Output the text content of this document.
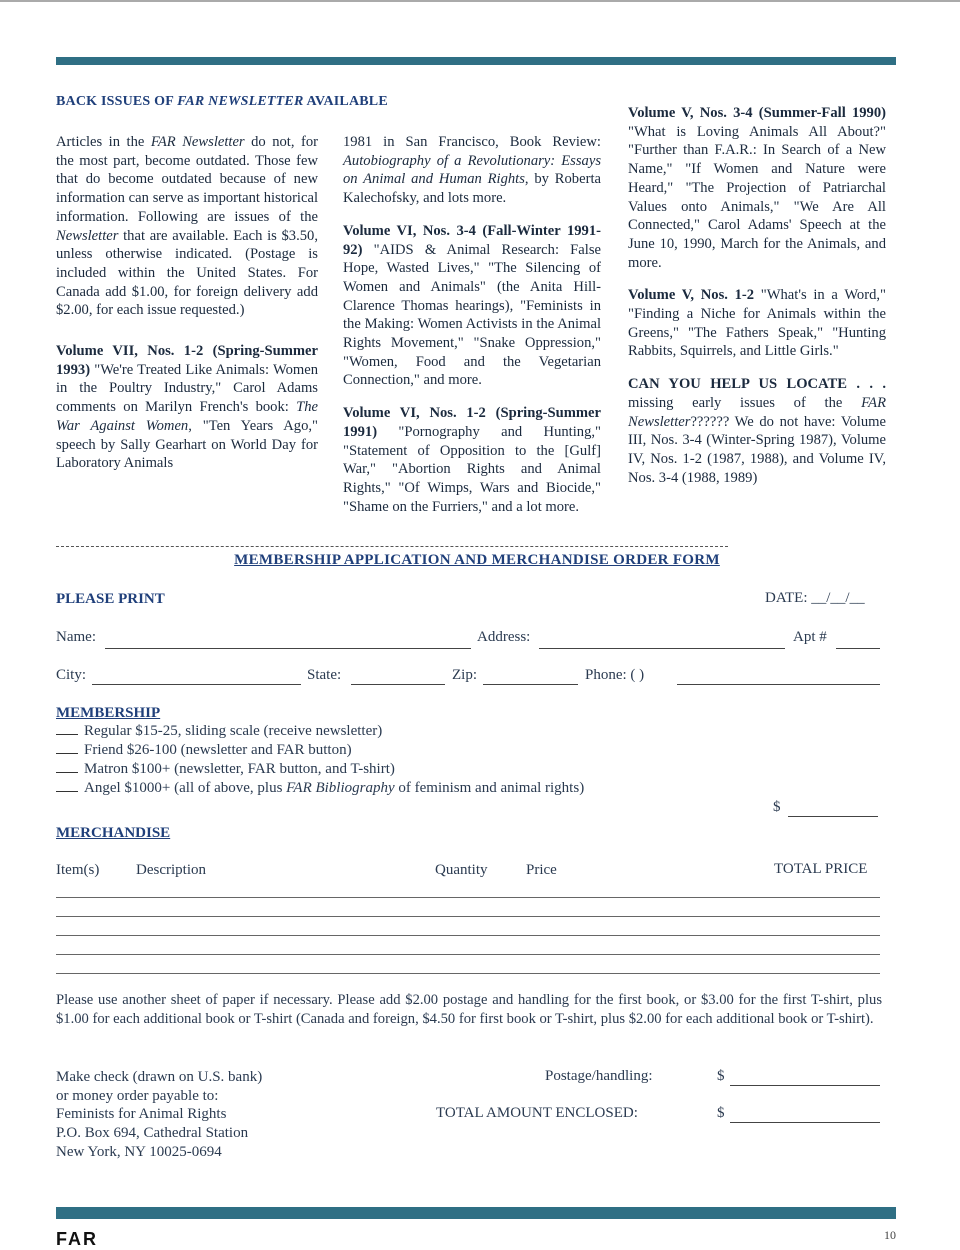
BACK ISSUES OF FAR NEWSLETTER AVAILABLE

Articles in the FAR Newsletter do not, for the most part, become outdated. Those few that do become outdated because of new information can serve as important historical information. Following are issues of the Newsletter that are available. Each is $3.50, unless otherwise indicated. (Postage is included within the United States. For Canada add $1.00, for foreign delivery add $2.00, for each issue requested.)

Volume VII, Nos. 1-2 (Spring-Summer 1993) "We're Treated Like Animals: Women in the Poultry Industry," Carol Adams comments on Marilyn French's book: The War Against Women, "Ten Years Ago," speech by Sally Gearhart on World Day for Laboratory Animals

1981 in San Francisco, Book Review: Autobiography of a Revolutionary: Essays on Animal and Human Rights, by Roberta Kalechofsky, and lots more.

Volume VI, Nos. 3-4 (Fall-Winter 1991-92) "AIDS & Animal Research: False Hope, Wasted Lives," "The Silencing of Women and Animals" (the Anita Hill-Clarence Thomas hearings), "Feminists in the Making: Women Activists in the Animal Rights Movement," "Snake Oppression," "Women, Food and the Vegetarian Connection," and more.

Volume VI, Nos. 1-2 (Spring-Summer 1991) "Pornography and Hunting," "Statement of Opposition to the [Gulf] War," "Abortion Rights and Animal Rights," "Of Wimps, Wars and Biocide," "Shame on the Furriers," and a lot more.

Volume V, Nos. 3-4 (Summer-Fall 1990) "What is Loving Animals All About?" "Further than F.A.R.: In Search of a New Name," "If Women and Nature were Heard," "The Projection of Patriarchal Values onto Animals," "We Are All Connected," Carol Adams' Speech at the June 10, 1990, March for the Animals, and more.

Volume V, Nos. 1-2 "What's in a Word," "Finding a Niche for Animals within the Greens," "The Fathers Speak," "Hunting Rabbits, Squirrels, and Little Girls."

CAN YOU HELP US LOCATE . . . missing early issues of the FAR Newsletter?????? We do not have: Volume III, Nos. 3-4 (Winter-Spring 1987), Volume IV, Nos. 1-2 (1987, 1988), and Volume IV, Nos. 3-4 (1988, 1989)

MEMBERSHIP APPLICATION AND MERCHANDISE ORDER FORM
PLEASE PRINT	DATE: __/__/__
Name:	Address:	Apt #
City:	State:	Zip:	Phone: ( )
MEMBERSHIP
Regular $15-25, sliding scale (receive newsletter)
Friend $26-100 (newsletter and FAR button)
Matron $100+ (newsletter, FAR button, and T-shirt)
Angel $1000+ (all of above, plus FAR Bibliography of feminism and animal rights)
$
MERCHANDISE
Item(s) Description	Quantity	Price	TOTAL PRICE
Please use another sheet of paper if necessary. Please add $2.00 postage and handling for the first book, or $3.00 for the first T-shirt, plus $1.00 for each additional book or T-shirt (Canada and foreign, $4.50 for first book or T-shirt, plus $2.00 for each additional book or T-shirt).
Make check (drawn on U.S. bank)
or money order payable to:
Feminists for Animal Rights
P.O. Box 694, Cathedral Station
New York, NY 10025-0694
Postage/handling:	$
TOTAL AMOUNT ENCLOSED:	$
FAR	10
